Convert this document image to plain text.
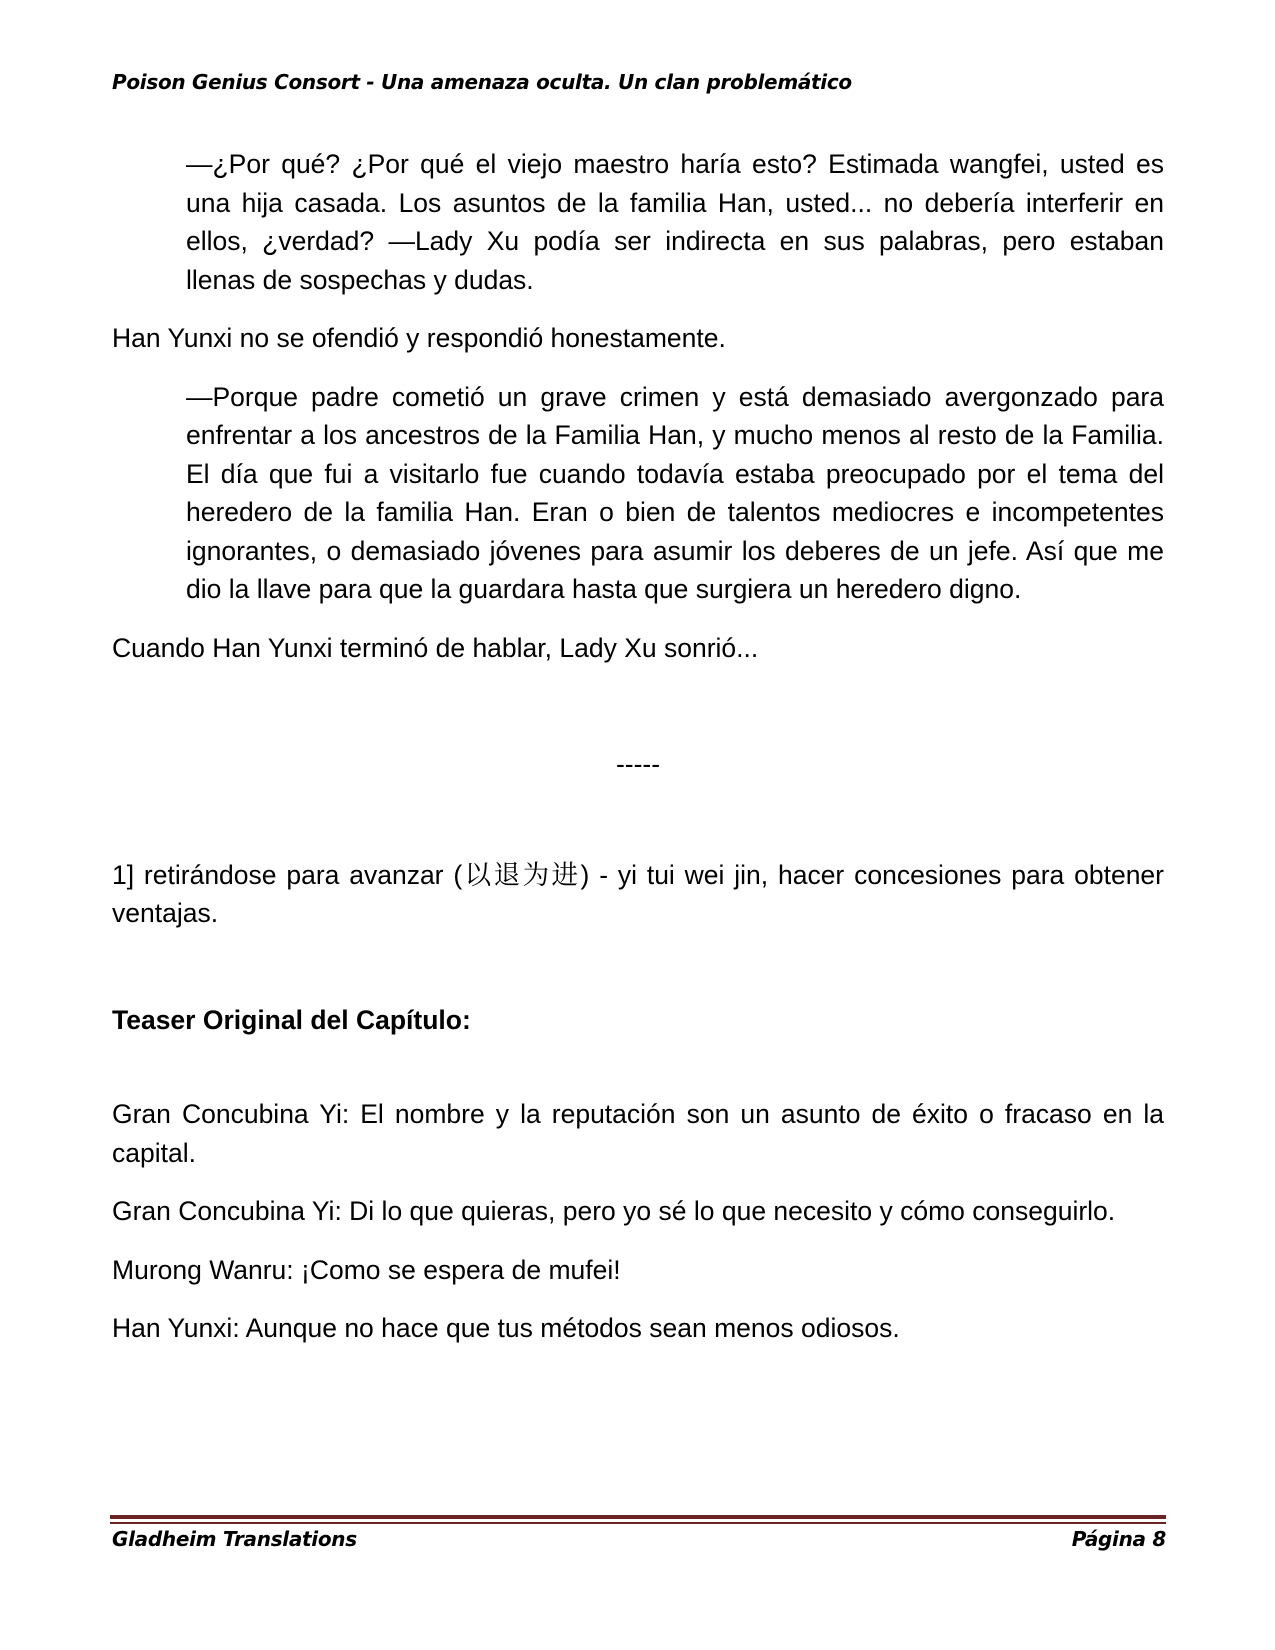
Poison Genius Consort - Una amenaza oculta. Un clan problemático

—¿Por qué? ¿Por qué el viejo maestro haría esto? Estimada wangfei, usted es una hija casada. Los asuntos de la familia Han, usted... no debería interferir en ellos, ¿verdad? —Lady Xu podía ser indirecta en sus palabras, pero estaban llenas de sospechas y dudas.

Han Yunxi no se ofendió y respondió honestamente.

—Porque padre cometió un grave crimen y está demasiado avergonzado para enfrentar a los ancestros de la Familia Han, y mucho menos al resto de la Familia. El día que fui a visitarlo fue cuando todavía estaba preocupado por el tema del heredero de la familia Han. Eran o bien de talentos mediocres e incompetentes ignorantes, o demasiado jóvenes para asumir los deberes de un jefe. Así que me dio la llave para que la guardara hasta que surgiera un heredero digno.

Cuando Han Yunxi terminó de hablar, Lady Xu sonrió...

-----

1] retirándose para avanzar (以退为进) - yi tui wei jin, hacer concesiones para obtener ventajas.

Teaser Original del Capítulo:

Gran Concubina Yi: El nombre y la reputación son un asunto de éxito o fracaso en la capital.

Gran Concubina Yi: Di lo que quieras, pero yo sé lo que necesito y cómo conseguirlo.

Murong Wanru: ¡Como se espera de mufei!

Han Yunxi: Aunque no hace que tus métodos sean menos odiosos.

Gladheim Translations	Página 8
